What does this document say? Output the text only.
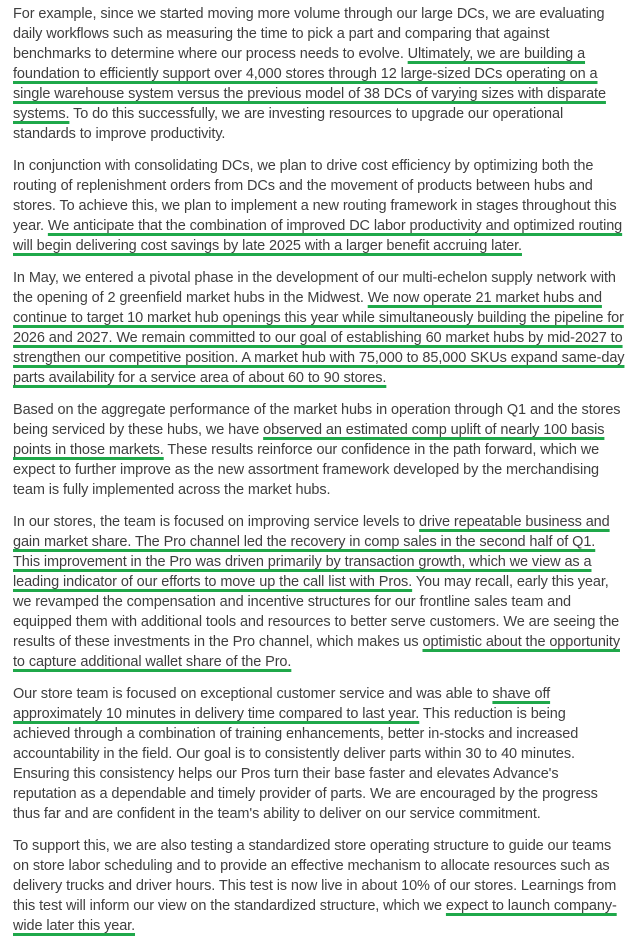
For example, since we started moving more volume through our large DCs, we are evaluating daily workflows such as measuring the time to pick a part and comparing that against benchmarks to determine where our process needs to evolve. Ultimately, we are building a foundation to efficiently support over 4,000 stores through 12 large-sized DCs operating on a single warehouse system versus the previous model of 38 DCs of varying sizes with disparate systems. To do this successfully, we are investing resources to upgrade our operational standards to improve productivity.

In conjunction with consolidating DCs, we plan to drive cost efficiency by optimizing both the routing of replenishment orders from DCs and the movement of products between hubs and stores. To achieve this, we plan to implement a new routing framework in stages throughout this year. We anticipate that the combination of improved DC labor productivity and optimized routing will begin delivering cost savings by late 2025 with a larger benefit accruing later.

In May, we entered a pivotal phase in the development of our multi-echelon supply network with the opening of 2 greenfield market hubs in the Midwest. We now operate 21 market hubs and continue to target 10 market hub openings this year while simultaneously building the pipeline for 2026 and 2027. We remain committed to our goal of establishing 60 market hubs by mid-2027 to strengthen our competitive position. A market hub with 75,000 to 85,000 SKUs expand same-day parts availability for a service area of about 60 to 90 stores.

Based on the aggregate performance of the market hubs in operation through Q1 and the stores being serviced by these hubs, we have observed an estimated comp uplift of nearly 100 basis points in those markets. These results reinforce our confidence in the path forward, which we expect to further improve as the new assortment framework developed by the merchandising team is fully implemented across the market hubs.

In our stores, the team is focused on improving service levels to drive repeatable business and gain market share. The Pro channel led the recovery in comp sales in the second half of Q1. This improvement in the Pro was driven primarily by transaction growth, which we view as a leading indicator of our efforts to move up the call list with Pros. You may recall, early this year, we revamped the compensation and incentive structures for our frontline sales team and equipped them with additional tools and resources to better serve customers. We are seeing the results of these investments in the Pro channel, which makes us optimistic about the opportunity to capture additional wallet share of the Pro.

Our store team is focused on exceptional customer service and was able to shave off approximately 10 minutes in delivery time compared to last year. This reduction is being achieved through a combination of training enhancements, better in-stocks and increased accountability in the field. Our goal is to consistently deliver parts within 30 to 40 minutes. Ensuring this consistency helps our Pros turn their base faster and elevates Advance's reputation as a dependable and timely provider of parts. We are encouraged by the progress thus far and are confident in the team's ability to deliver on our service commitment.

To support this, we are also testing a standardized store operating structure to guide our teams on store labor scheduling and to provide an effective mechanism to allocate resources such as delivery trucks and driver hours. This test is now live in about 10% of our stores. Learnings from this test will inform our view on the standardized structure, which we expect to launch company-wide later this year.
